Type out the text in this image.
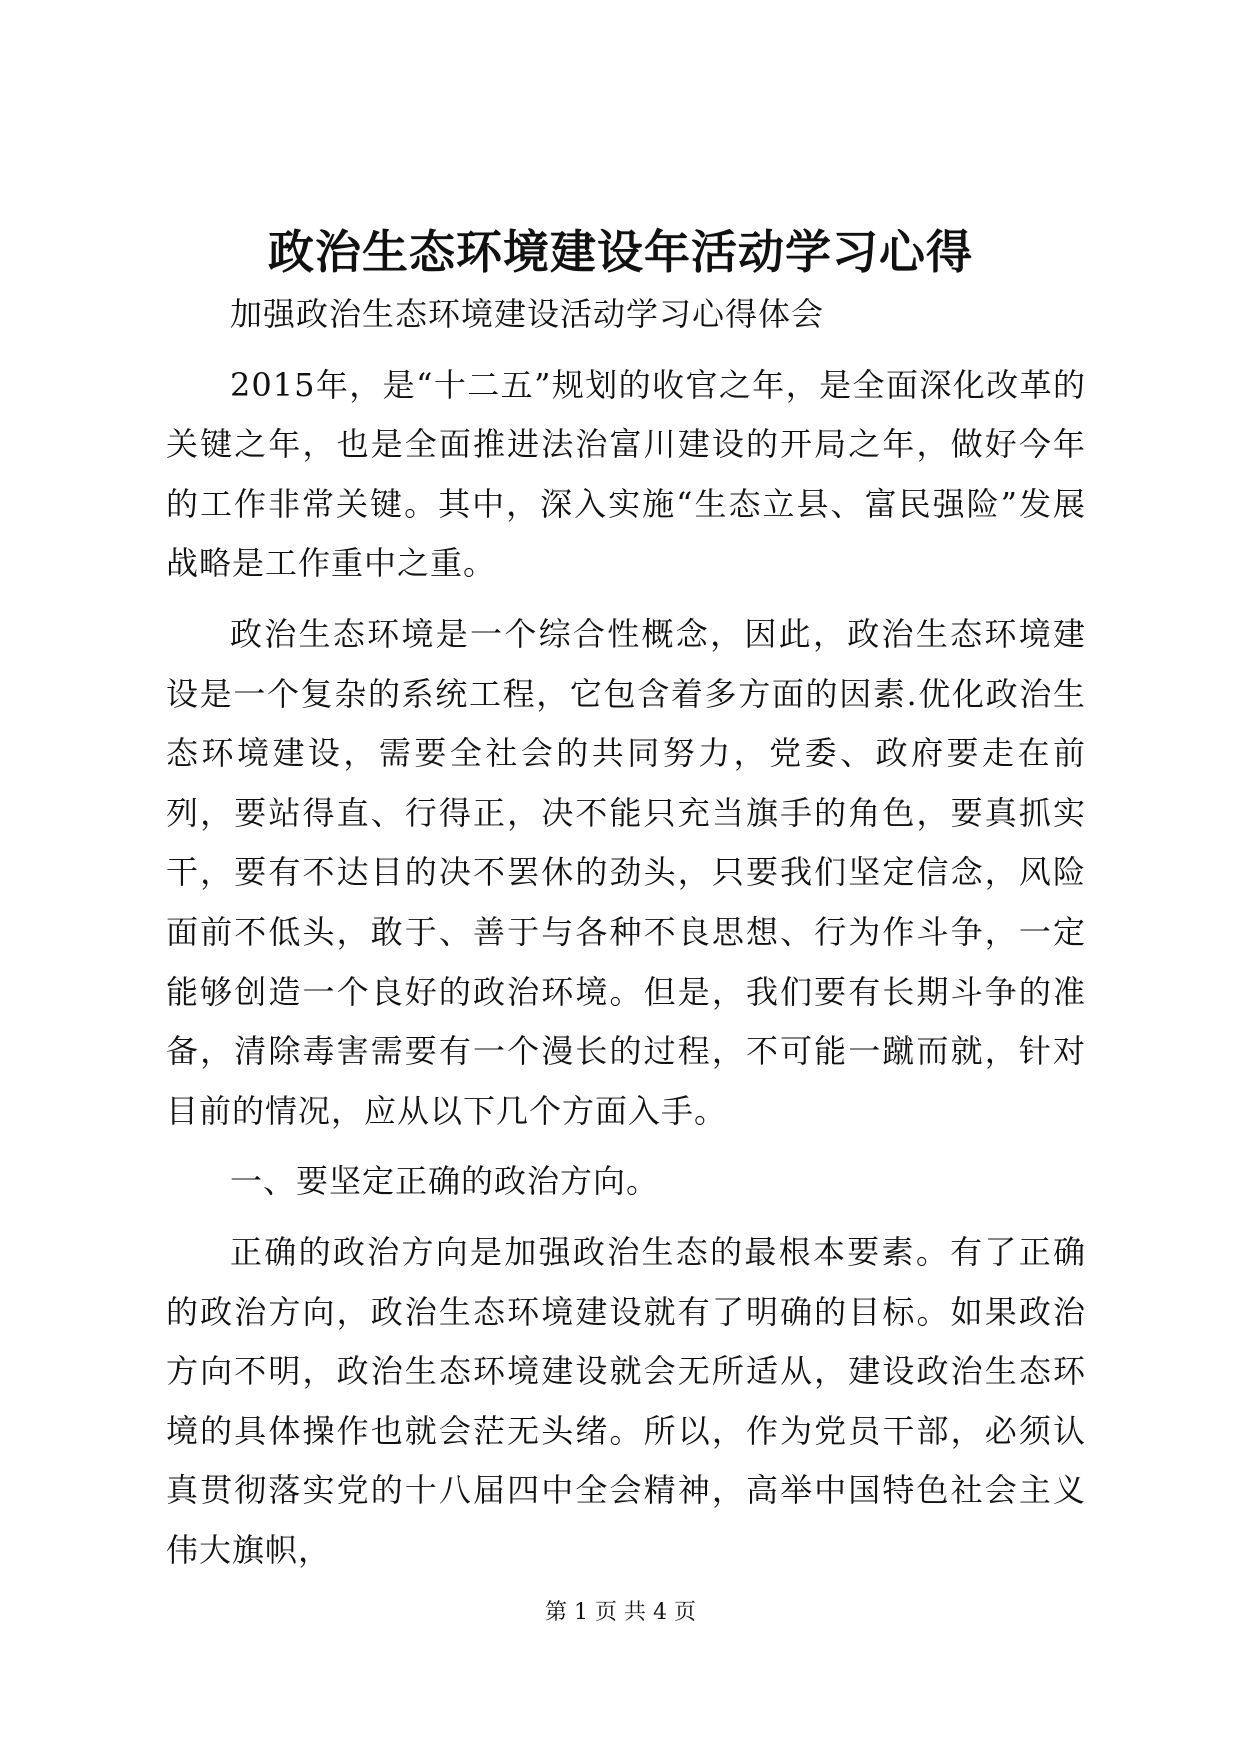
政治生态环境建设年活动学习心得

加强政治生态环境建设活动学习心得体会

2015年，是“十二五”规划的收官之年，是全面深化改革的关键之年，也是全面推进法治富川建设的开局之年，做好今年的工作非常关键。其中，深入实施“生态立县、富民强险”发展战略是工作重中之重。

政治生态环境是一个综合性概念，因此，政治生态环境建设是一个复杂的系统工程，它包含着多方面的因素.优化政治生态环境建设，需要全社会的共同努力，党委、政府要走在前列，要站得直、行得正，决不能只充当旗手的角色，要真抓实干，要有不达目的决不罢休的劲头，只要我们坚定信念，风险面前不低头，敢于、善于与各种不良思想、行为作斗争，一定能够创造一个良好的政治环境。但是，我们要有长期斗争的准备，清除毒害需要有一个漫长的过程，不可能一蹴而就，针对目前的情况，应从以下几个方面入手。

一、要坚定正确的政治方向。

正确的政治方向是加强政治生态的最根本要素。有了正确的政治方向，政治生态环境建设就有了明确的目标。如果政治方向不明，政治生态环境建设就会无所适从，建设政治生态环境的具体操作也就会茫无头绪。所以，作为党员干部，必须认真贯彻落实党的十八届四中全会精神，高举中国特色社会主义伟大旗帜，

第 1 页 共 4 页
